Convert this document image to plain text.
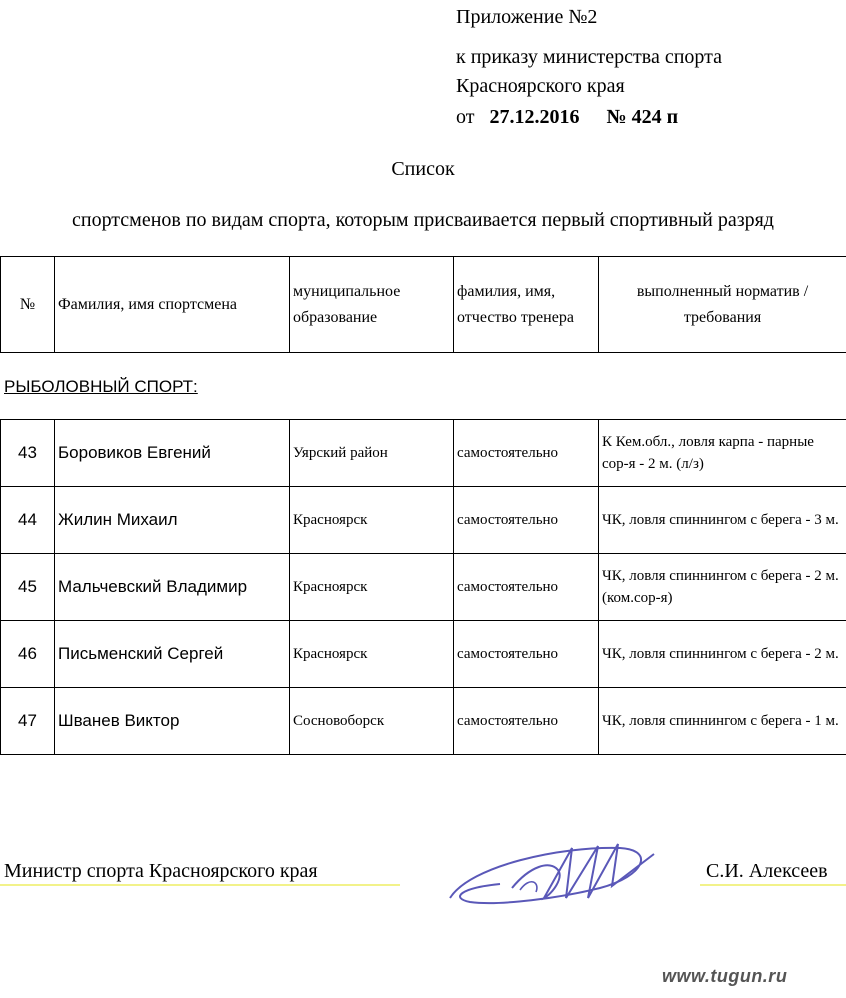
Приложение №2
к приказу министерства спорта
Красноярского края
от 27.12.2016 № 424 п
Список
спортсменов по видам спорта, которым присваивается первый спортивный разряд
№	Фамилия, имя спортсмена	муниципальное образование	фамилия, имя, отчество тренера	выполненный норматив /требования
РЫБОЛОВНЫЙ СПОРТ:
43	Боровиков Евгений	Уярский район	самостоятельно	К Кем.обл., ловля карпа - парные сор-я - 2 м. (л/з)
44	Жилин Михаил	Красноярск	самостоятельно	ЧК, ловля спиннингом с берега - 3 м.
45	Мальчевский Владимир	Красноярск	самостоятельно	ЧК, ловля спиннингом с берега - 2 м. (ком.сор-я)
46	Письменский Сергей	Красноярск	самостоятельно	ЧК, ловля спиннингом с берега - 2 м.
47	Шванев Виктор	Сосновоборск	самостоятельно	ЧК, ловля спиннингом с берега - 1 м.
Министр спорта Красноярского края	С.И. Алексеев
www.tugun.ru
